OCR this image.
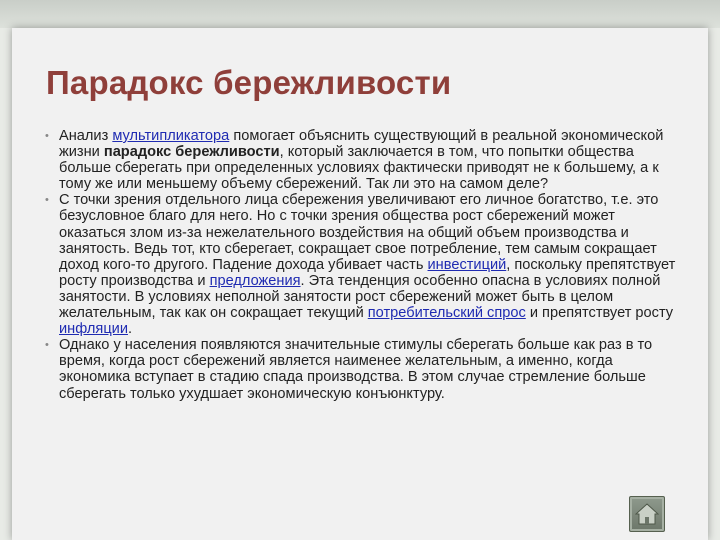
Парадокс бережливости
• Анализ мультипликатора помогает объяснить существующий в реальной экономической жизни парадокс бережливости, который заключается в том, что попытки общества больше сберегать при определенных условиях фактически приводят не к большему, а к тому же или меньшему объему сбережений. Так ли это на самом деле?
• С точки зрения отдельного лица сбережения увеличивают его личное богатство, т.е. это безусловное благо для него. Но с точки зрения общества рост сбережений может оказаться злом из-за нежелательного воздействия на общий объем производства и занятость. Ведь тот, кто сберегает, сокращает свое потребление, тем самым сокращает доход кого-то другого. Падение дохода убивает часть инвестиций, поскольку препятствует росту производства и предложения. Эта тенденция особенно опасна в условиях полной занятости. В условиях неполной занятости рост сбережений может быть в целом желательным, так как он сокращает текущий потребительский спрос и препятствует росту инфляции.
• Однако у населения появляются значительные стимулы сберегать больше как раз в то время, когда рост сбережений является наименее желательным, а именно, когда экономика вступает в стадию спада производства. В этом случае стремление больше сберегать только ухудшает экономическую конъюнктуру.
